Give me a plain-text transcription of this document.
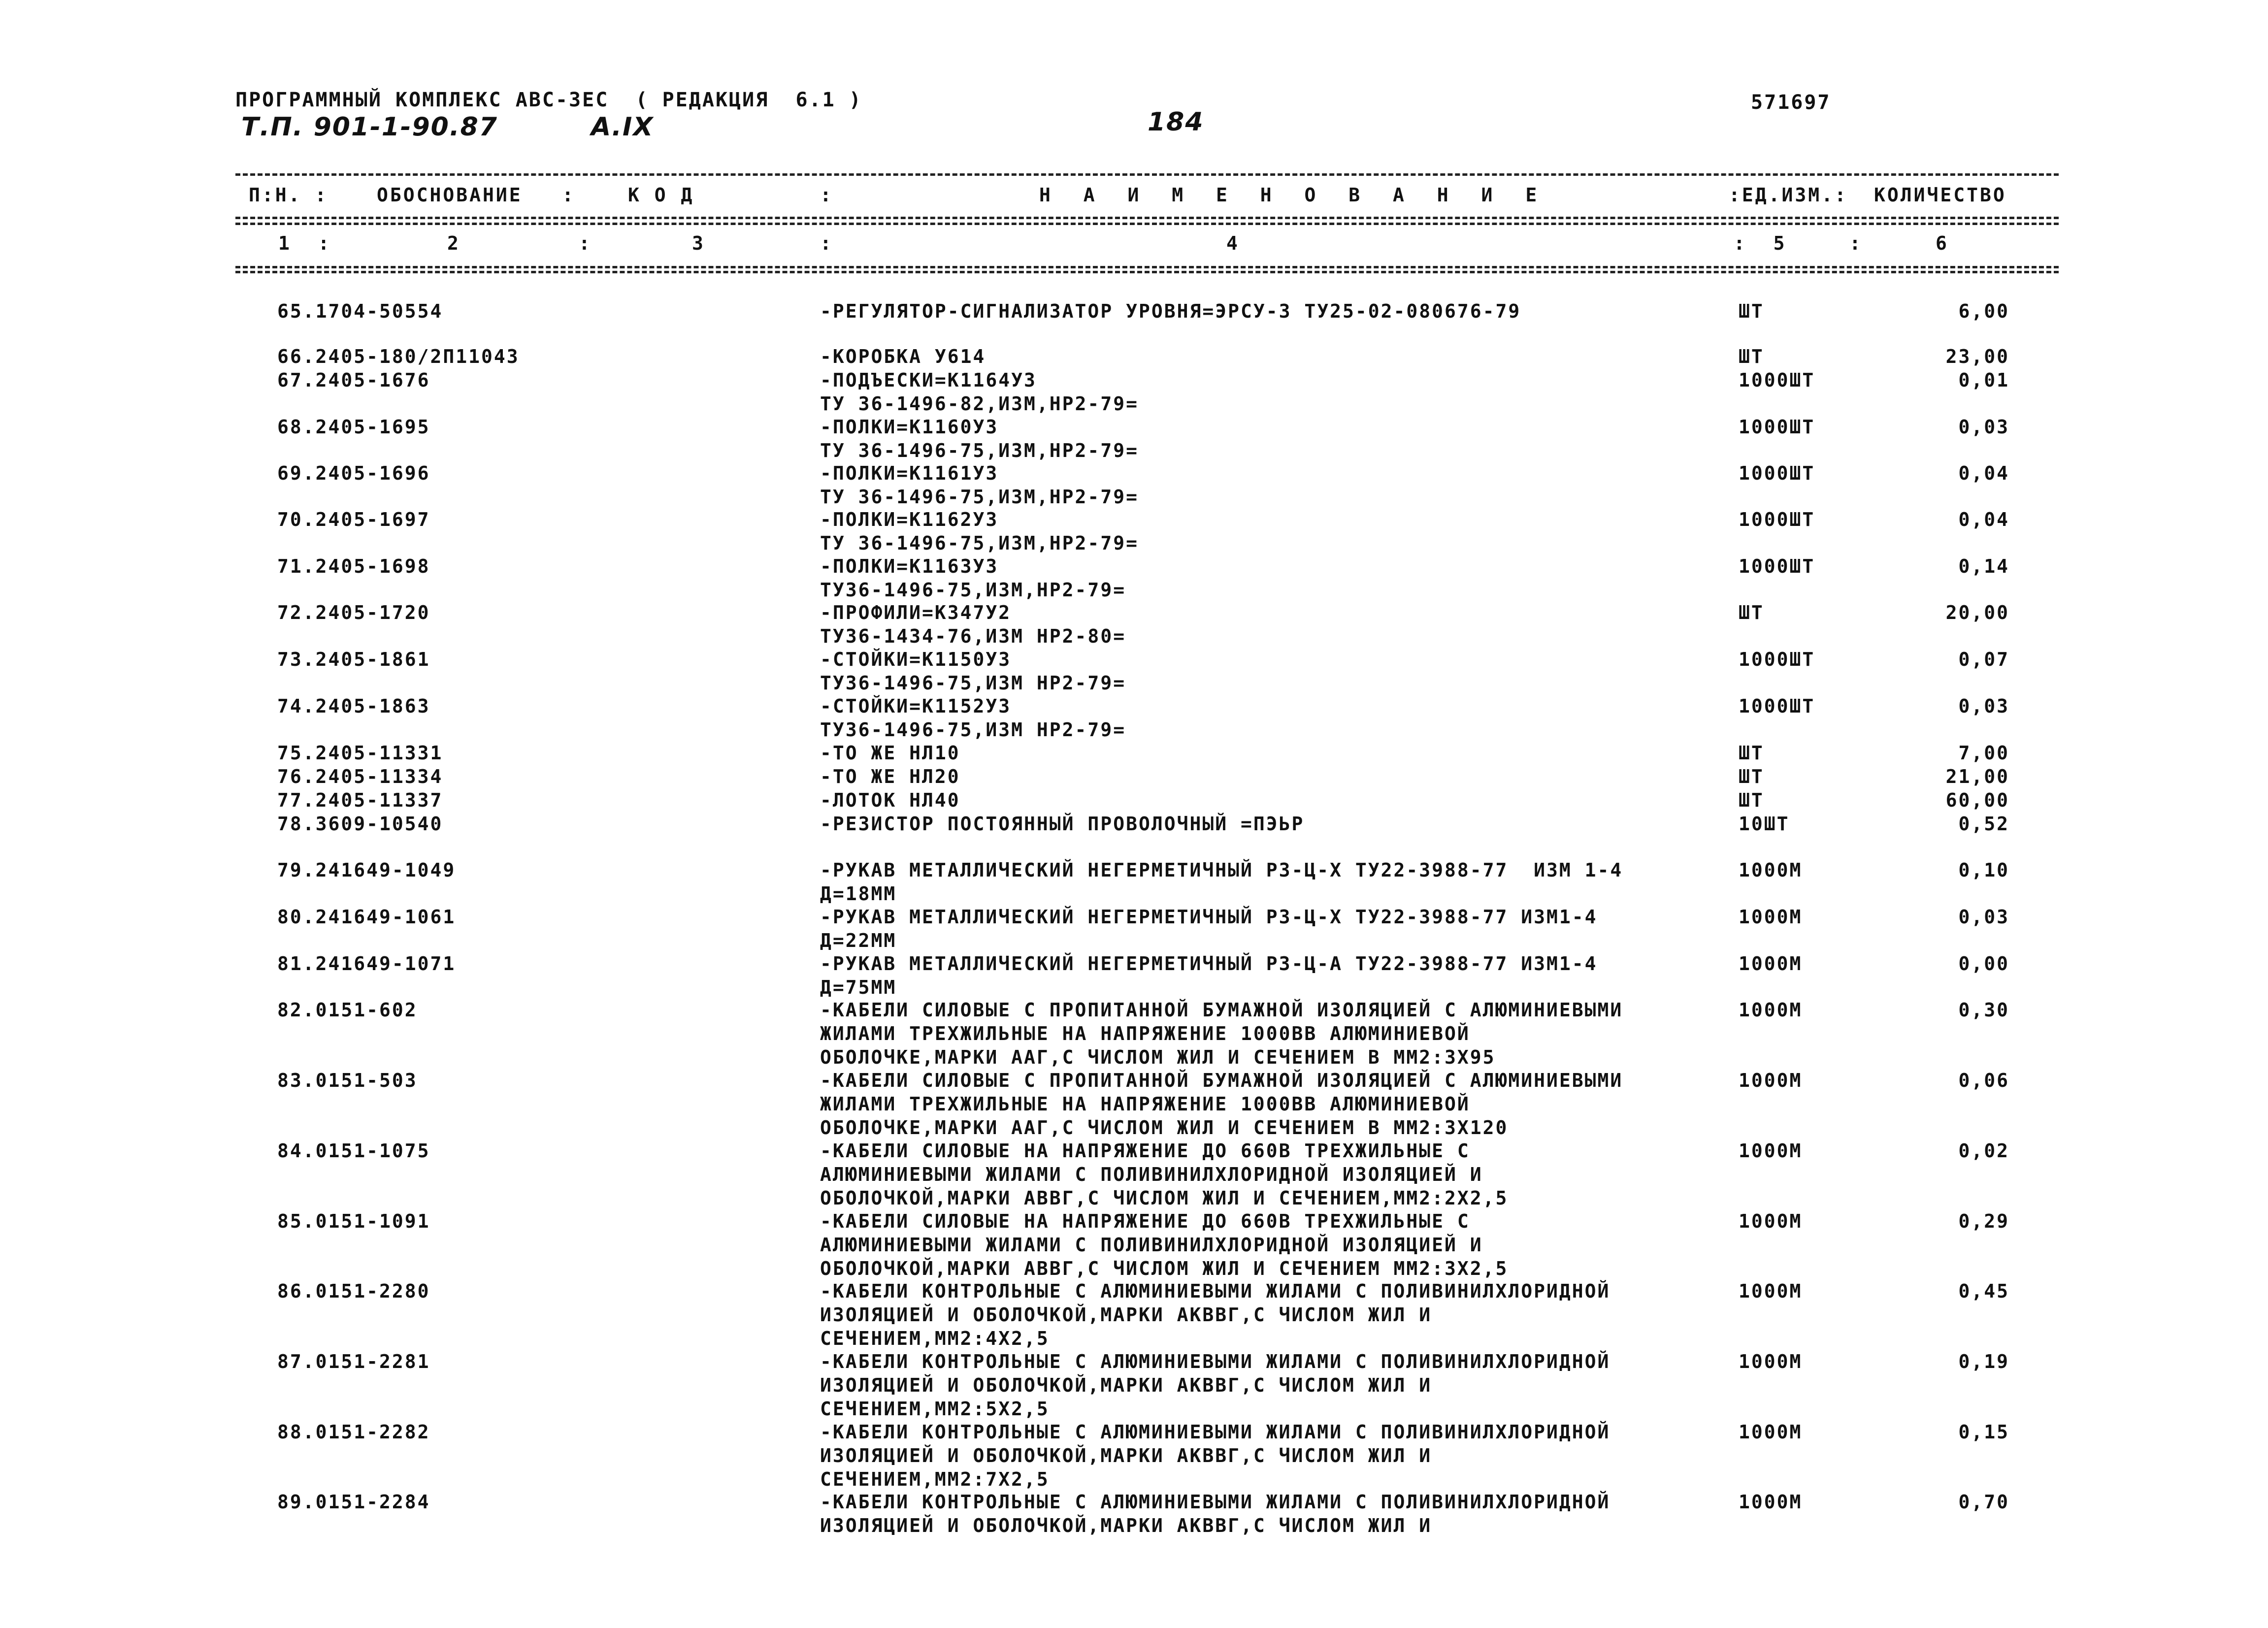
ПРОГРАММНЫЙ КОМПЛЕКС АВС-3ЕС  ( РЕДАКЦИЯ  6.1 )	571697
Т.П. 901-1-90.87	А.IX	184
П:Н. :	ОБОСНОВАНИЕ   :	К О Д	:	Н А И М Е Н О В А Н И Е	:ЕД.ИЗМ.: КОЛИЧЕСТВО
1  :	2	:	3	:	4	:  5	:	6
65.1704-50554	-РЕГУЛЯТОР-СИГНАЛИЗАТОР УРОВНЯ=ЭРСУ-3 ТУ25-02-080676-79	ШТ	6,00
66.2405-180/2П11043	-КОРОБКА У614	ШТ	23,00
67.2405-1676	-ПОДЪЕСКИ=К1164У3
ТУ 36-1496-82,ИЗМ,НР2-79=
1000ШТ	0,01
68.2405-1695	-ПОЛКИ=К1160У3
ТУ 36-1496-75,ИЗМ,НР2-79=
1000ШТ	0,03
69.2405-1696	-ПОЛКИ=К1161У3
ТУ 36-1496-75,ИЗМ,НР2-79=
1000ШТ	0,04
70.2405-1697	-ПОЛКИ=К1162У3
ТУ 36-1496-75,ИЗМ,НР2-79=
1000ШТ	0,04
71.2405-1698	-ПОЛКИ=К1163У3
ТУ36-1496-75,ИЗМ,НР2-79=
1000ШТ	0,14
72.2405-1720	-ПРОФИЛИ=К347У2
ТУ36-1434-76,ИЗМ НР2-80=
ШТ	20,00
73.2405-1861	-СТОЙКИ=К1150У3
ТУ36-1496-75,ИЗМ НР2-79=
1000ШТ	0,07
74.2405-1863	-СТОЙКИ=К1152У3
ТУ36-1496-75,ИЗМ НР2-79=
1000ШТ	0,03
75.2405-11331	-ТО ЖЕ НЛ10	ШТ	7,00
76.2405-11334	-ТО ЖЕ НЛ20	ШТ	21,00
77.2405-11337	-ЛОТОК НЛ40	ШТ	60,00
78.3609-10540	-РЕЗИСТОР ПОСТОЯННЫЙ ПРОВОЛОЧНЫЙ =ПЭЬР	10ШТ	0,52
79.241649-1049	-РУКАВ МЕТАЛЛИЧЕСКИЙ НЕГЕРМЕТИЧНЫЙ Р3-Ц-Х ТУ22-3988-77  ИЗМ 1-4
Д=18ММ
1000М	0,10
80.241649-1061	-РУКАВ МЕТАЛЛИЧЕСКИЙ НЕГЕРМЕТИЧНЫЙ Р3-Ц-Х ТУ22-3988-77 ИЗМ1-4
Д=22ММ
1000М	0,03
81.241649-1071	-РУКАВ МЕТАЛЛИЧЕСКИЙ НЕГЕРМЕТИЧНЫЙ Р3-Ц-А ТУ22-3988-77 ИЗМ1-4
Д=75ММ
1000М	0,00
82.0151-602	-КАБЕЛИ СИЛОВЫЕ С ПРОПИТАННОЙ БУМАЖНОЙ ИЗОЛЯЦИЕЙ С АЛЮМИНИЕВЫМИ
ЖИЛАМИ ТРЕХЖИЛЬНЫЕ НА НАПРЯЖЕНИЕ 1000ВВ АЛЮМИНИЕВОЙ
ОБОЛОЧКЕ,МАРКИ ААГ,С ЧИСЛОМ ЖИЛ И СЕЧЕНИЕМ В ММ2:3Х95
1000М	0,30
83.0151-503	-КАБЕЛИ СИЛОВЫЕ С ПРОПИТАННОЙ БУМАЖНОЙ ИЗОЛЯЦИЕЙ С АЛЮМИНИЕВЫМИ
ЖИЛАМИ ТРЕХЖИЛЬНЫЕ НА НАПРЯЖЕНИЕ 1000ВВ АЛЮМИНИЕВОЙ
ОБОЛОЧКЕ,МАРКИ ААГ,С ЧИСЛОМ ЖИЛ И СЕЧЕНИЕМ В ММ2:3Х120
1000М	0,06
84.0151-1075	-КАБЕЛИ СИЛОВЫЕ НА НАПРЯЖЕНИЕ ДО 660В ТРЕХЖИЛЬНЫЕ С
АЛЮМИНИЕВЫМИ ЖИЛАМИ С ПОЛИВИНИЛХЛОРИДНОЙ ИЗОЛЯЦИЕЙ И
ОБОЛОЧКОЙ,МАРКИ АВВГ,С ЧИСЛОМ ЖИЛ И СЕЧЕНИЕМ,ММ2:2Х2,5
1000М	0,02
85.0151-1091	-КАБЕЛИ СИЛОВЫЕ НА НАПРЯЖЕНИЕ ДО 660В ТРЕХЖИЛЬНЫЕ С
АЛЮМИНИЕВЫМИ ЖИЛАМИ С ПОЛИВИНИЛХЛОРИДНОЙ ИЗОЛЯЦИЕЙ И
ОБОЛОЧКОЙ,МАРКИ АВВГ,С ЧИСЛОМ ЖИЛ И СЕЧЕНИЕМ ММ2:3Х2,5
1000М	0,29
86.0151-2280	-КАБЕЛИ КОНТРОЛЬНЫЕ С АЛЮМИНИЕВЫМИ ЖИЛАМИ С ПОЛИВИНИЛХЛОРИДНОЙ
ИЗОЛЯЦИЕЙ И ОБОЛОЧКОЙ,МАРКИ АКВВГ,С ЧИСЛОМ ЖИЛ И
СЕЧЕНИЕМ,ММ2:4Х2,5
1000М	0,45
87.0151-2281	-КАБЕЛИ КОНТРОЛЬНЫЕ С АЛЮМИНИЕВЫМИ ЖИЛАМИ С ПОЛИВИНИЛХЛОРИДНОЙ
ИЗОЛЯЦИЕЙ И ОБОЛОЧКОЙ,МАРКИ АКВВГ,С ЧИСЛОМ ЖИЛ И
СЕЧЕНИЕМ,ММ2:5Х2,5
1000М	0,19
88.0151-2282	-КАБЕЛИ КОНТРОЛЬНЫЕ С АЛЮМИНИЕВЫМИ ЖИЛАМИ С ПОЛИВИНИЛХЛОРИДНОЙ
ИЗОЛЯЦИЕЙ И ОБОЛОЧКОЙ,МАРКИ АКВВГ,С ЧИСЛОМ ЖИЛ И
СЕЧЕНИЕМ,ММ2:7Х2,5
1000М	0,15
89.0151-2284	-КАБЕЛИ КОНТРОЛЬНЫЕ С АЛЮМИНИЕВЫМИ ЖИЛАМИ С ПОЛИВИНИЛХЛОРИДНОЙ
ИЗОЛЯЦИЕЙ И ОБОЛОЧКОЙ,МАРКИ АКВВГ,С ЧИСЛОМ ЖИЛ И
1000М	0,70
